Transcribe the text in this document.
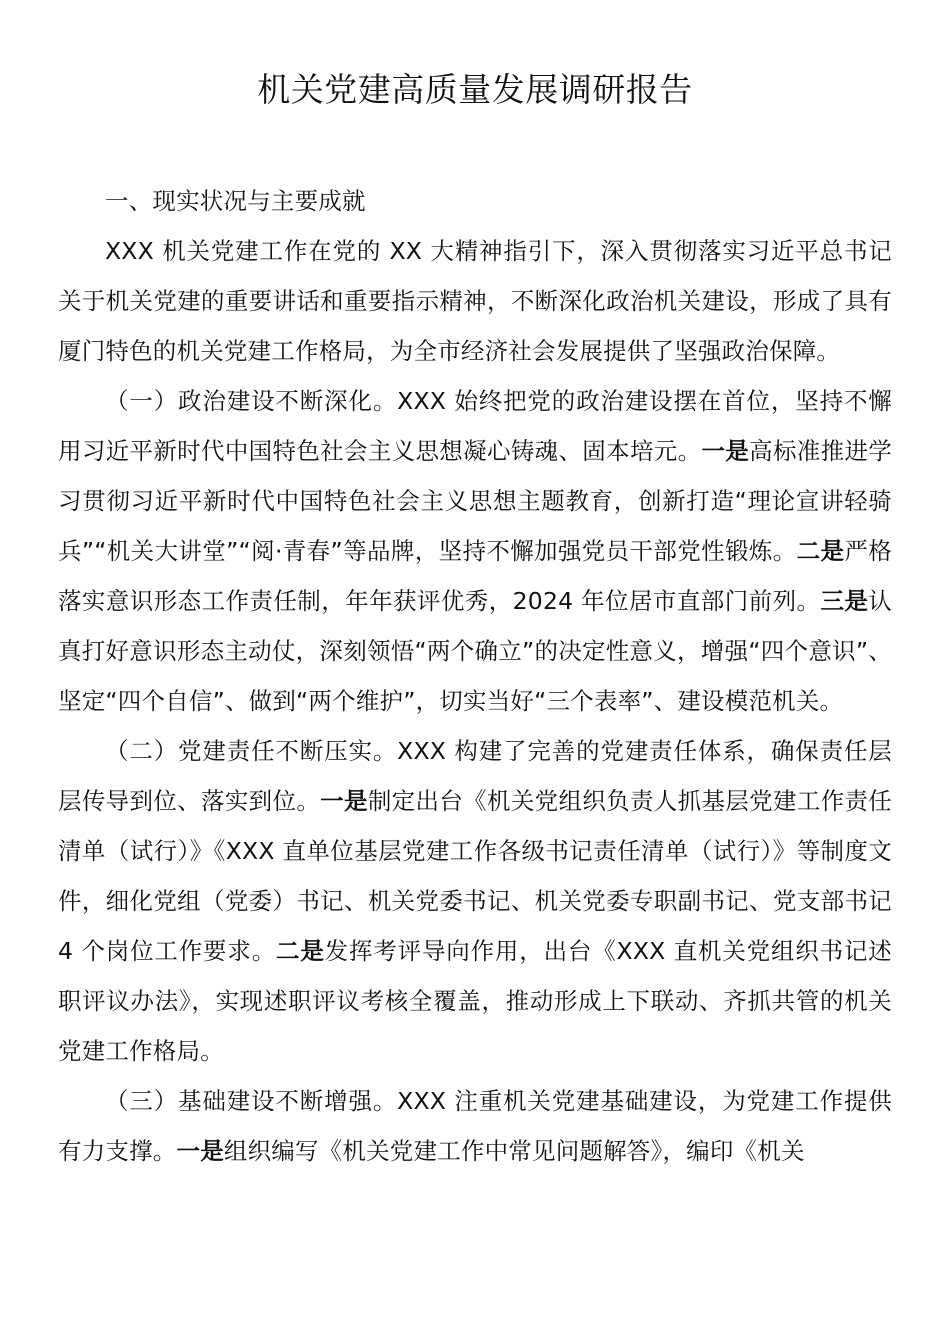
机关党建高质量发展调研报告

一、现实状况与主要成就

XXX 机关党建工作在党的 XX 大精神指引下，深入贯彻落实习近平总书记关于机关党建的重要讲话和重要指示精神，不断深化政治机关建设，形成了具有厦门特色的机关党建工作格局，为全市经济社会发展提供了坚强政治保障。

（一）政治建设不断深化。XXX 始终把党的政治建设摆在首位，坚持不懈用习近平新时代中国特色社会主义思想凝心铸魂、固本培元。一是高标准推进学习贯彻习近平新时代中国特色社会主义思想主题教育，创新打造“理论宣讲轻骑兵”“机关大讲堂”“阅·青春”等品牌，坚持不懈加强党员干部党性锻炼。二是严格落实意识形态工作责任制，年年获评优秀，2024 年位居市直部门前列。三是认真打好意识形态主动仗，深刻领悟“两个确立”的决定性意义，增强“四个意识”、坚定“四个自信”、做到“两个维护”，切实当好“三个表率”、建设模范机关。

（二）党建责任不断压实。XXX 构建了完善的党建责任体系，确保责任层层传导到位、落实到位。一是制定出台《机关党组织负责人抓基层党建工作责任清单（试行）》《XXX 直单位基层党建工作各级书记责任清单（试行）》等制度文件，细化党组（党委）书记、机关党委书记、机关党委专职副书记、党支部书记 4 个岗位工作要求。二是发挥考评导向作用，出台《XXX 直机关党组织书记述职评议办法》，实现述职评议考核全覆盖，推动形成上下联动、齐抓共管的机关党建工作格局。

（三）基础建设不断增强。XXX 注重机关党建基础建设，为党建工作提供有力支撑。一是组织编写《机关党建工作中常见问题解答》，编印《机关
